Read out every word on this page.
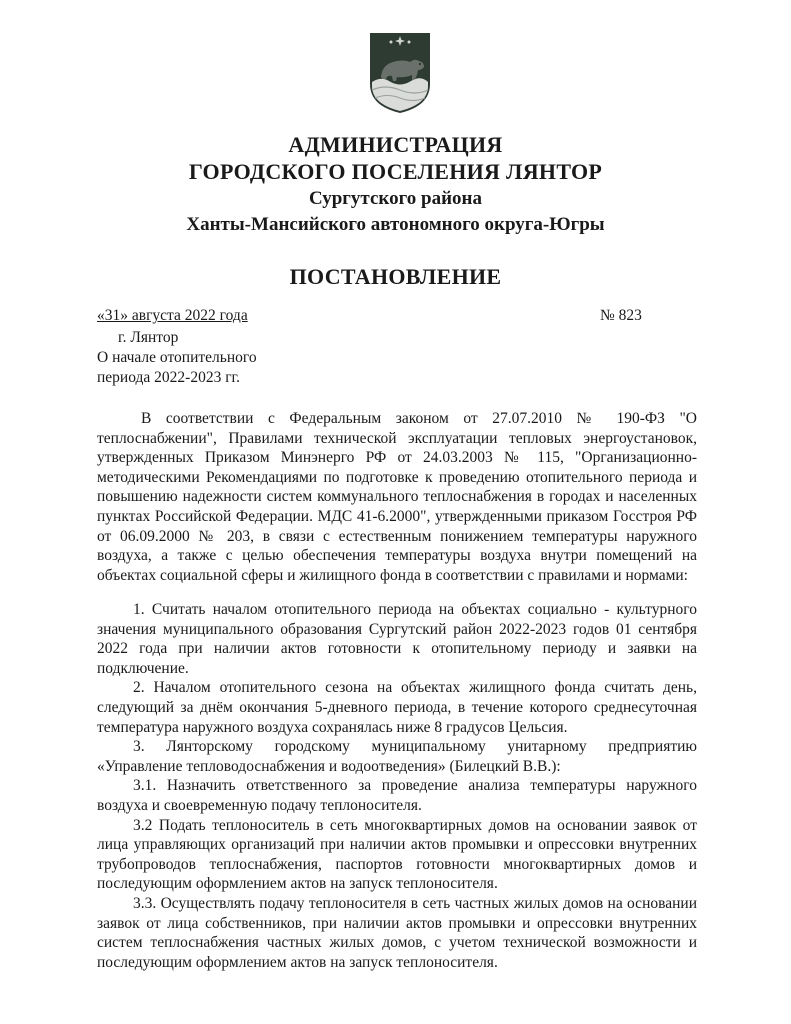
АДМИНИСТРАЦИЯ
ГОРОДСКОГО ПОСЕЛЕНИЯ ЛЯНТОР
Сургутского района
Ханты-Мансийского автономного округа-Югры
ПОСТАНОВЛЕНИЕ
«31» августа 2022 года	№ 823
г. Лянтор
О начале отопительного
периода 2022-2023 гг.

В соответствии с Федеральным законом от 27.07.2010 № 190-ФЗ "О теплоснабжении", Правилами технической эксплуатации тепловых энергоустановок, утвержденных Приказом Минэнерго РФ от 24.03.2003 № 115, "Организационно-методическими Рекомендациями по подготовке к проведению отопительного периода и повышению надежности систем коммунального теплоснабжения в городах и населенных пунктах Российской Федерации. МДС 41-6.2000", утвержденными приказом Госстроя РФ от 06.09.2000 № 203, в связи с естественным понижением температуры наружного воздуха, а также с целью обеспечения температуры воздуха внутри помещений на объектах социальной сферы и жилищного фонда в соответствии с правилами и нормами:

1. Считать началом отопительного периода на объектах социально - культурного значения муниципального образования Сургутский район 2022-2023 годов 01 сентября 2022 года при наличии актов готовности к отопительному периоду и заявки на подключение.

2. Началом отопительного сезона на объектах жилищного фонда считать день, следующий за днём окончания 5-дневного периода, в течение которого среднесуточная температура наружного воздуха сохранялась ниже 8 градусов Цельсия.

3. Лянторскому городскому муниципальному унитарному предприятию «Управление тепловодоснабжения и водоотведения» (Билецкий В.В.):

3.1. Назначить ответственного за проведение анализа температуры наружного воздуха и своевременную подачу теплоносителя.

3.2 Подать теплоноситель в сеть многоквартирных домов на основании заявок от лица управляющих организаций при наличии актов промывки и опрессовки внутренних трубопроводов теплоснабжения, паспортов готовности многоквартирных домов и последующим оформлением актов на запуск теплоносителя.

3.3. Осуществлять подачу теплоносителя в сеть частных жилых домов на основании заявок от лица собственников, при наличии актов промывки и опрессовки внутренних систем теплоснабжения частных жилых домов, с учетом технической возможности и последующим оформлением актов на запуск теплоносителя.
